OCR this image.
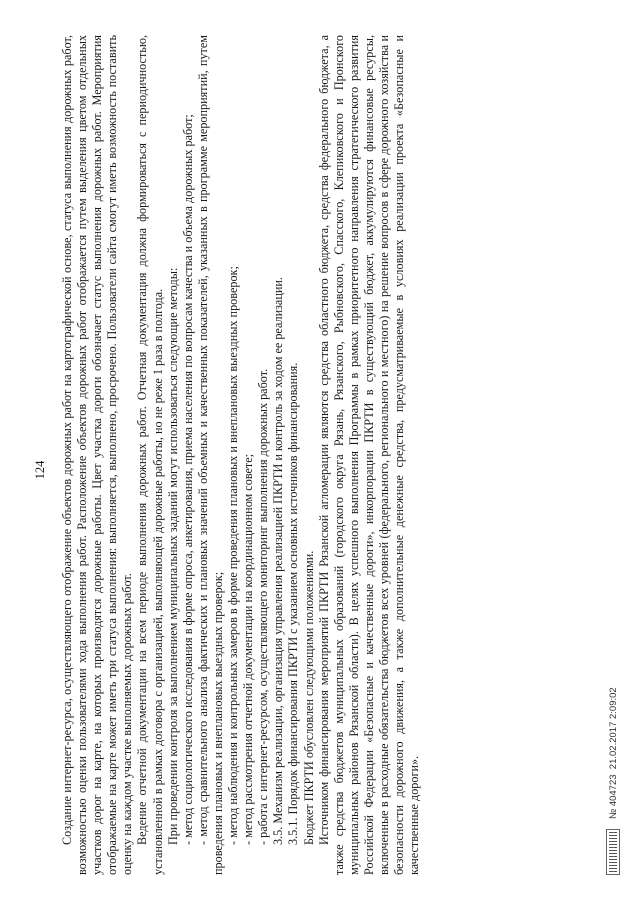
124	Создание интернет-ресурса, осуществляющего отображение объектов дорожных работ на картографической основе, статуса выполнения дорожных работ, возможностью оценки пользователями хода выполнения работ. Расположение объектов дорожных работ отображается путем выделения цветом отдельных участков дорог на карте, на которых производятся дорожные работы. Цвет участка дороги обозначает статус выполнения дорожных работ. Мероприятия отображаемые на карте может иметь три статуса выполнения: выполняется, выполнено, просрочено. Пользователи сайта смогут иметь возможность поставить оценку на каждом участке выполняемых дорожных работ. Ведение отчетной документации на всем периоде выполнения дорожных работ. Отчетная документация должна формироваться с периодичностью, установленной в рамках договора с организацией, выполняющей дорожные работы, но не реже 1 раза в полгода. При проведении контроля за выполнением муниципальных заданий могут использоваться следующие методы: - метод социологического исследования в форме опроса, анкетирования, приема населения по вопросам качества и объема дорожных работ; - метод сравнительного анализа фактических и плановых значений объемных и качественных показателей, указанных в программе мероприятий, путем проведения плановых и внеплановых выездных проверок; - метод наблюдения и контрольных замеров в форме проведения плановых и внеплановых выездных проверок; - метод рассмотрения отчетной документации на координационном совете; - работа с интернет-ресурсом, осуществляющего мониторинг выполнения дорожных работ. 3.5. Механизм реализации, организация управления реализацией ПКРТИ и контроль за ходом ее реализации. 3.5.1. Порядок финансирования ПКРТИ с указанием основных источников финансирования. Бюджет ПКРТИ обусловлен следующими положениями. Источником финансирования мероприятий ПКРТИ Рязанской агломерации являются средства областного бюджета, средства федерального бюджета, а также средства бюджетов муниципальных образований (городского округа Рязань, Рязанского, Рыбновского, Спасского, Клепиковского и Пронского муниципальных районов Рязанской области). В целях успешного выполнения Программы в рамках приоритетного направления стратегического развития Российской Федерации «Безопасные и качественные дороги», инкорпорации ПКРТИ в существующий бюджет, аккумулируются финансовые ресурсы, включенные в расходные обязательства бюджетов всех уровней (федерального, регионального и местного) на решение вопросов в сфере дорожного хозяйства и безопасности дорожного движения, а также дополнительные денежные средства, предусматриваемые в условиях реализации проекта «Безопасные и качественные дороги».	№ 404723

21.02.2017 2:09:02
